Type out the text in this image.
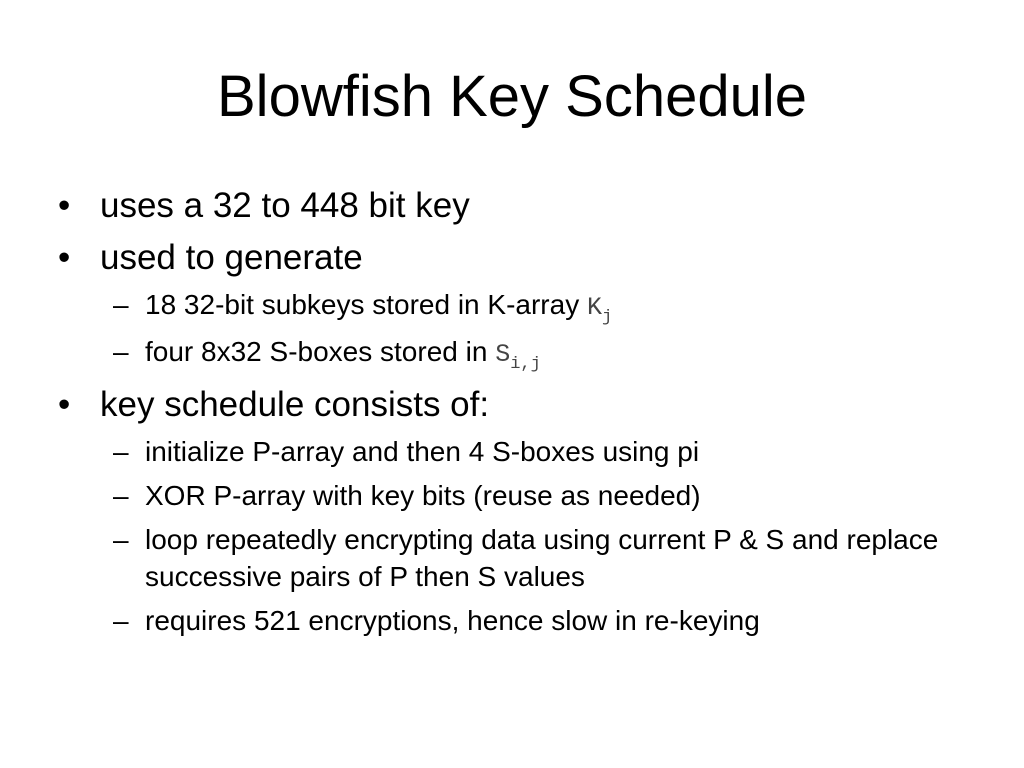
Blowfish Key Schedule

• uses a 32 to 448 bit key

• used to generate

– 18 32-bit subkeys stored in K-array $K_j$

– four 8x32 S-boxes stored in $S_{i,j}$

• key schedule consists of:

– initialize P-array and then 4 S-boxes using pi

– XOR P-array with key bits (reuse as needed)

– loop repeatedly encrypting data using current P & S and replace successive pairs of P then S values

– requires 521 encryptions, hence slow in re-keying
